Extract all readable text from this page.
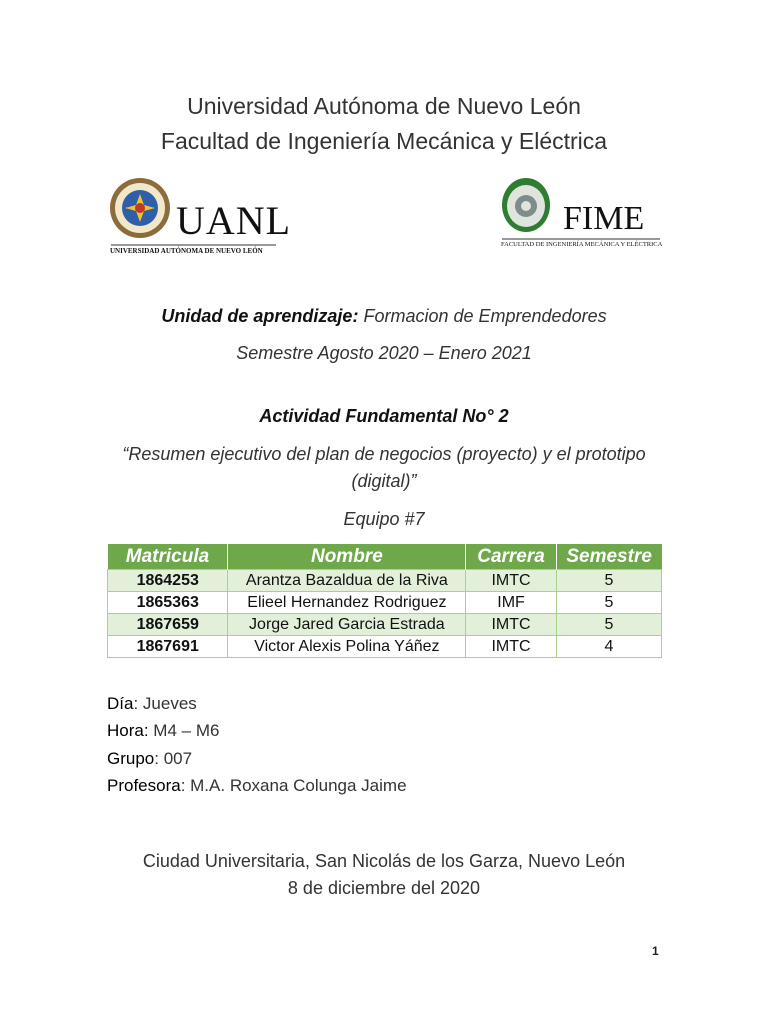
Universidad Autónoma de Nuevo León
Facultad de Ingeniería Mecánica y Eléctrica
UANL
UNIVERSIDAD AUTÓNOMA DE NUEVO LEÓN
FIME
FACULTAD DE INGENIERÍA MECÁNICA Y ELÉCTRICA
Unidad de aprendizaje: Formacion de Emprendedores
Semestre Agosto 2020 – Enero 2021
Actividad Fundamental No° 2
“Resumen ejecutivo del plan de negocios (proyecto) y el prototipo
(digital)”
Equipo #7
Matricula	Nombre	Carrera	Semestre
1864253	Arantza Bazaldua de la Riva	IMTC	5
1865363	Elieel Hernandez Rodriguez	IMF	5
1867659	Jorge Jared Garcia Estrada	IMTC	5
1867691	Victor Alexis Polina Yáñez	IMTC	4
Día: Jueves
Hora: M4 – M6
Grupo: 007
Profesora: M.A. Roxana Colunga Jaime
Ciudad Universitaria, San Nicolás de los Garza, Nuevo León
8 de diciembre del 2020
1
